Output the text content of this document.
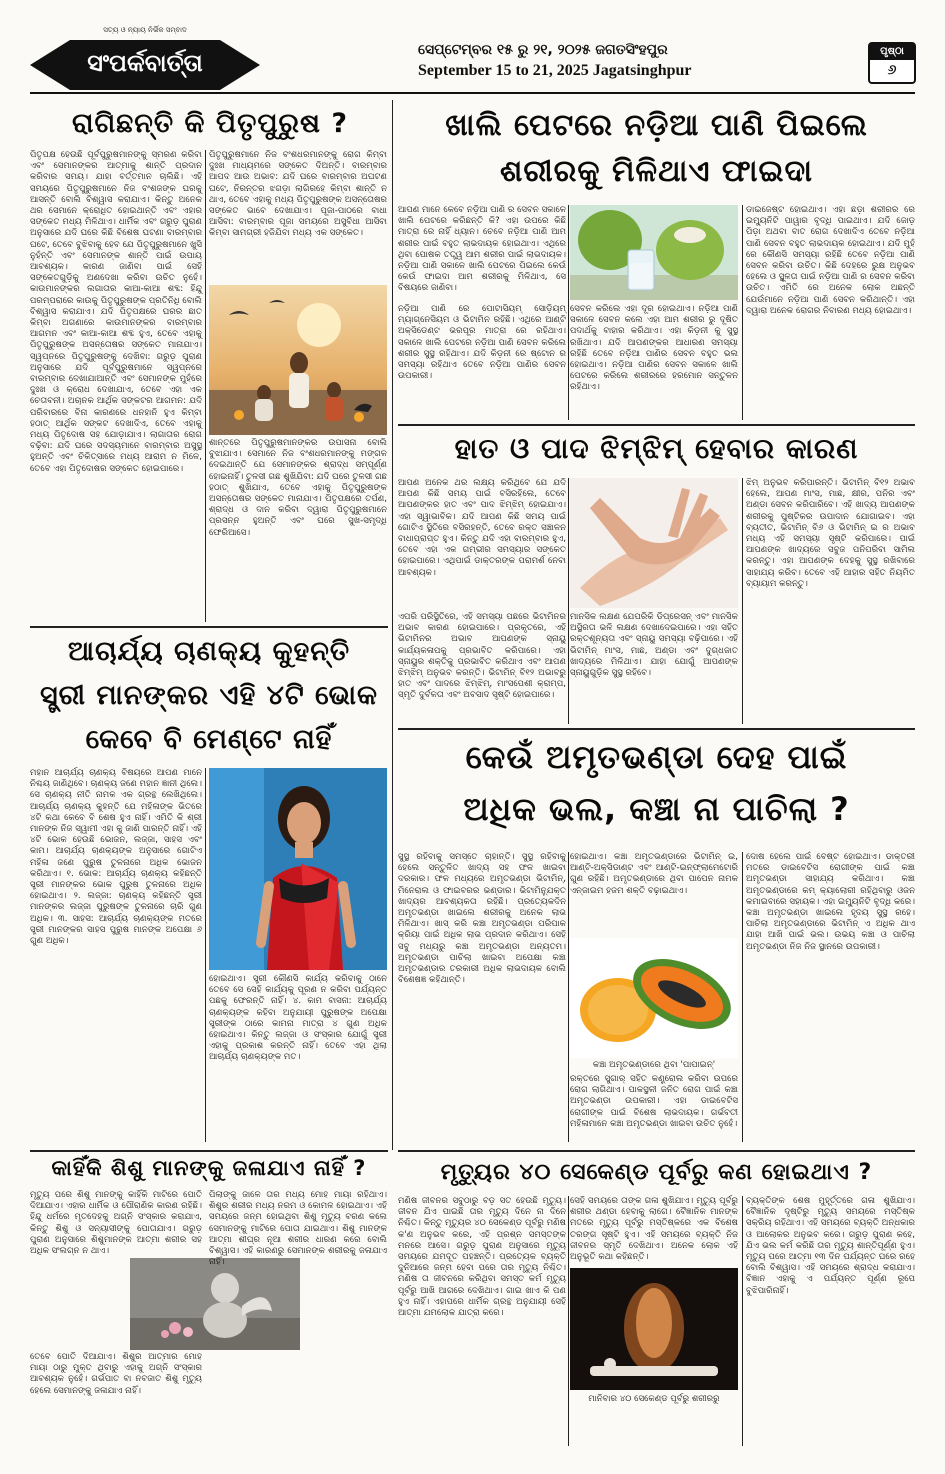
ସତ୍ୟ ଓ ନ୍ୟାୟ ନିର୍ଭିକ ସମ୍ବାଦ
ସଂପର୍କବାର୍ତ୍ତା	ସେପ୍ଟେମ୍ବର ୧୫ ରୁ ୨୧, ୨୦୨୫ ଜଗତସିଂହପୁର
September 15 to 21, 2025 Jagatsinghpur
ପୃଷ୍ଠା
୬
ରାଗିଛନ୍ତି କି ପିତୃପୁରୁଷ ?
ପିତୃପକ୍ଷ ହେଉଛି ପୂର୍ବପୁରୁଷମାନଙ୍କୁ ସ୍ମରଣ କରିବା ଏବଂ ସେମାନଙ୍କର ଆତ୍ମାକୁ ଶାନ୍ତି ପ୍ରଦାନ କରିବାର ସମୟ। ଯାହା ବର୍ତ୍ତମାନ ଚାଲିଛି। ଏହି ସମୟରେ ପିତୃପୁରୁଷମାନେ ନିଜ ବଂଶଜଙ୍କ ଘରକୁ ଆସନ୍ତି ବୋଲି ବିଶ୍ୱାସ କରାଯାଏ। କିନ୍ତୁ ଅନେକ ଥର ସେମାନେ କ୍ରୋଧିତ ହୋଇଥାନ୍ତି ଏବଂ ଏହାର ସଙ୍କେତ ମଧ୍ୟ ମିଳିଥାଏ। ଧାର୍ମିକ ଏବଂ ଗରୁଡ଼ ପୁରାଣ ଅନୁସାରେ ଯଦି ଘରେ କିଛି ବିଶେଷ ଘଟଣା ବାରମ୍ବାର ଘଟେ, ତେବେ ବୁଝିବାକୁ ହେବ ଯେ ପିତୃପୁରୁଷମାନେ ଖୁସି ନୁହଁନ୍ତି ଏବଂ ସେମାନଙ୍କ ଶାନ୍ତି ପାଇଁ ଉପାୟ ଆବଶ୍ୟକ। କାରଣ ଜାଣିବା ପାଇଁ ସେହି ସଙ୍କେତଗୁଡ଼ିକୁ ଅଣଦେଖା କରିବା ଉଚିତ ନୁହେଁ। କାଉମାନଙ୍କର ଲଗାତାର କାଆ-କାଆ ଶବ୍ଦ: ହିନ୍ଦୁ ପରମ୍ପରାରେ କାଉକୁ ପିତୃପୁରୁଷଙ୍କ ପ୍ରତିନିଧି ବୋଲି ବିଶ୍ୱାସ କରାଯାଏ। ଯଦି ପିତୃପକ୍ଷରେ ଘରର ଛାତ କିମ୍ବା ଅଗଣାରେ କାଉମାନଙ୍କର ବାରମ୍ବାର ଆଗମନ ଏବଂ କାଆ-କାଆ ଶବ୍ଦ ହୁଏ, ତେବେ ଏହାକୁ ପିତୃପୁରୁଷଙ୍କ ଅସନ୍ତୋଷର ସଙ୍କେତ ମାନାଯାଏ। ସ୍ୱପ୍ନରେ ପିତୃପୁରୁଷଙ୍କୁ ଦେଖିବା: ଗରୁଡ଼ ପୁରାଣ ଅନୁସାରେ ଯଦି ପୂର୍ବପୁରୁଷମାନେ ସ୍ୱପ୍ନରେ ବାରମ୍ବାର ଦେଖାଯାଆନ୍ତି ଏବଂ ସେମାନଙ୍କ ମୁହଁରେ ଦୁଃଖ ଓ କ୍ରୋଧ ଦେଖାଯାଏ, ତେବେ ଏହା ଏକ ଚେତାବନୀ। ଅଚାନକ ଆର୍ଥିକ ସଙ୍କଟର ଆଗମନ: ଯଦି ପରିବାରରେ ବିନା କାରଣରେ ଧନହାନି ହୁଏ କିମ୍ବା ହଠାତ୍ ଆର୍ଥିକ ସଙ୍କଟ ଦେଖାଦିଏ, ତେବେ ଏହାକୁ ମଧ୍ୟ ପିତୃଦୋଷ ସହ ଯୋଡ଼ାଯାଏ। ଲାଗାତାର ରୋଗ ବଢ଼ିବା: ଯଦି ଘରେ ସଦସ୍ୟମାନେ ବାରମ୍ବାର ଅସୁସ୍ଥ ହୁଅନ୍ତି ଏବଂ ଚିକିତ୍ସାରେ ମଧ୍ୟ ଆରାମ ନ ମିଳେ, ତେବେ ଏହା ପିତୃଦୋଷର ସଙ୍କେତ ହୋଇପାରେ।
ପିତୃପୁରୁଷମାନେ ନିଜ ବଂଶଧରମାନଙ୍କୁ ରୋଗ କିମ୍ବା ଦୁଃଖ ମାଧ୍ୟମରେ ସଙ୍କେତ ଦିଅନ୍ତି। ବାରମ୍ବାର ଆପଦ ଆଉ ଅଭାବ: ଯଦି ଘରେ ବାରମ୍ବାର ଅଘଟଣ ଘଟେ, ନିରନ୍ତର ଝଗଡ଼ା ଲାଗିରହେ କିମ୍ବା ଶାନ୍ତି ନ ଥାଏ, ତେବେ ଏହାକୁ ମଧ୍ୟ ପିତୃପୁରୁଷଙ୍କ ଅସନ୍ତୋଷର ସଙ୍କେତ ଭାବେ ଦେଖାଯାଏ। ପୂଜା-ପାଠରେ ବାଧା ଆସିବା: ବାରମ୍ବାର ପୂଜା ସମୟରେ ଅସୁବିଧା ଆସିବା କିମ୍ବା ସାମଗ୍ରୀ ହଜିଯିବା ମଧ୍ୟ ଏକ ସଙ୍କେତ।
ଶାନ୍ତରେ ପିତୃପୁରୁଷମାନଙ୍କର ଉପାସନା ବୋଲି ବୁଝାଯାଏ। ସେମାନେ ନିଜ ବଂଶଧରମାନଙ୍କୁ ମଙ୍ଗଳ ଦେଇଥାନ୍ତି ଯେ ସେମାନଙ୍କର ଶ୍ରାଦ୍ଧ ସମ୍ପୂର୍ଣ୍ଣ ହୋଇନାହିଁ। ତୁଳସୀ ଗଛ ଶୁଖିଯିବା: ଯଦି ଘରେ ତୁଳସୀ ଗଛ ହଠାତ୍ ଶୁଖିଯାଏ, ତେବେ ଏହାକୁ ପିତୃପୁରୁଷଙ୍କ ଅସନ୍ତୋଷର ସଙ୍କେତ ମାନାଯାଏ। ପିତୃପକ୍ଷରେ ତର୍ପଣ, ଶ୍ରାଦ୍ଧ ଓ ଦାନ କରିବା ଦ୍ୱାରା ପିତୃପୁରୁଷମାନେ ପ୍ରସନ୍ନ ହୁଅନ୍ତି ଏବଂ ଘରେ ସୁଖ-ସମୃଦ୍ଧି ଫେରିଆସେ।
ଆଚାର୍ଯ୍ୟ ଚାଣକ୍ୟ କୁହନ୍ତି
ସ୍ତ୍ରୀ ମାନଙ୍କର ଏହି ୪ଟି ଭୋକ
କେବେ ବି ମେଣ୍ଟେ ନାହିଁ
ମହାନ ଆଚାର୍ଯ୍ୟ ଚାଣକ୍ୟ ବିଷୟରେ ଆପଣ ମାନେ ନିଶ୍ଚୟ ଜାଣିଥିବେ। ଚାଣକ୍ୟ ଜଣେ ମହାନ ଜ୍ଞାନୀ ଥିଲେ। ସେ ଚାଣକ୍ୟ ନୀତି ନାମକ ଏକ ଗ୍ରନ୍ଥ ଲେଖିଥିଲେ। ଆଚାର୍ଯ୍ୟ ଚାଣକ୍ୟ କୁହନ୍ତି ଯେ ମହିଳାଙ୍କ ଭିତରେ ୪ଟି କଥା କେବେ ବି ଶେଷ ହୁଏ ନାହିଁ। ଏମିତି କି ଶ୍ରୀ ମାନଙ୍କ ନିଜ ସ୍ୱାମୀ ଏହା କୁ ଜାଣି ପାରନ୍ତି ନାହିଁ। ଏହି ୪ଟି ଭୋକ ହେଉଛି ଭୋଜନ, ଲଜ୍ଜା, ସାହସ ଏବଂ କାମ। ଆଚାର୍ଯ୍ୟ ଚାଣକ୍ୟଙ୍କ ଅନୁସାରେ ଗୋଟିଏ ମହିଳା ଜଣେ ପୁରୁଷ ତୁଳନାରେ ଅଧିକ ଭୋଜନ କରିଥାଏ। ୧. ଭୋକ: ଆଚାର୍ଯ୍ୟ ଚାଣକ୍ୟ କହିଛନ୍ତି ସ୍ତ୍ରୀ ମାନଙ୍କର ଭୋକ ପୁରୁଷ ତୁଳନାରେ ଅଧିକ ହୋଇଥାଏ। ୨. ଲଜ୍ଜା: ଚାଣକ୍ୟ କହିଛନ୍ତି ସ୍ତ୍ରୀ ମାନଙ୍କର ଲଜ୍ଜା ପୁରୁଷଙ୍କ ତୁଳନାରେ ଚାରି ଗୁଣ ଅଧିକ। ୩. ସାହସ: ଆଚାର୍ଯ୍ୟ ଚାଣକ୍ୟଙ୍କ ମତରେ ସ୍ତ୍ରୀ ମାନଙ୍କର ସାହସ ପୁରୁଷ ମାନଙ୍କ ଅପେକ୍ଷା ୬ ଗୁଣ ଅଧିକ।
ହୋଇଥାଏ। ସ୍ତ୍ରୀ କୌଣସି କାର୍ଯ୍ୟ କରିବାକୁ ଠାନେ ତେବେ ସେ ସେହି କାର୍ଯ୍ୟକୁ ପୂରଣ ନ କରିବା ପର୍ଯ୍ୟନ୍ତ ପଛକୁ ଫେରନ୍ତି ନାହିଁ। ୪. କାମ ବାସନା: ଆଚାର୍ଯ୍ୟ ଚାଣକ୍ୟଙ୍କ କହିବା ଅନୁଯାୟୀ ପୁରୁଷଙ୍କ ଅପେକ୍ଷା ସ୍ତ୍ରୀଙ୍କ ଠାରେ କାମନା ମାତ୍ରା ୪ ଗୁଣ ଅଧିକ ହୋଇଥାଏ। କିନ୍ତୁ ଲଜ୍ଜା ଓ ସଂସ୍କାର ଯୋଗୁଁ ସ୍ତ୍ରୀ ଏହାକୁ ପ୍ରକାଶ କରନ୍ତି ନାହିଁ। ତେବେ ଏହା ଥିଲା ଆଚାର୍ଯ୍ୟ ଚାଣକ୍ୟଙ୍କ ମତ।
କାହିଁକି ଶିଶୁ ମାନଙ୍କୁ ଜଳାଯାଏ ନାହିଁ ?
ମୃତ୍ୟୁ ପରେ ଶିଶୁ ମାନଙ୍କୁ କାହିଁକି ମାଟିରେ ପୋତି ଦିଆଯାଏ। ଏହାର ଧାର୍ମିକ ଓ ପୌରାଣିକ କାରଣ ରହିଛି। ହିନ୍ଦୁ ଧର୍ମରେ ମୃତଦେହକୁ ଅଗ୍ନି ସଂସ୍କାର କରାଯାଏ, କିନ୍ତୁ ଶିଶୁ ଓ ସନ୍ୟାସୀଙ୍କୁ ପୋତାଯାଏ। ଗରୁଡ଼ ପୁରାଣ ଅନୁସାରେ ଶିଶୁମାନଙ୍କ ଆତ୍ମା ଶରୀର ସହ ଅଧିକ ସଂଲଗ୍ନ ନ ଥାଏ।
ତେବେ ପୋତି ଦିଆଯାଏ। ଶିଶୁର ଆତ୍ମାର ମୋହ ମାୟା ଠାରୁ ମୁକ୍ତ ଥିବାରୁ ଏହାକୁ ଅଗ୍ନି ସଂସ୍କାର ଆବଶ୍ୟକ ନୁହେଁ। ଗର୍ଭପାତ ବା ନବଜାତ ଶିଶୁ ମୃତ୍ୟୁ ହେଲେ ସେମାନଙ୍କୁ ଜଳାଯାଏ ନାହିଁ।
ପିଲାଙ୍କୁ ଜାଳେ ତାର ମଧ୍ୟ ମୋହ ମାୟା ରହିଥାଏ। ଶିଶୁର ଶରୀର ମଧ୍ୟ ନରମ ଓ କୋମଳ ହୋଇଥାଏ। ଏହି ସମୟରେ ଜନ୍ମ ହୋଇଥିବା ଶିଶୁ ମୃତ୍ୟୁ ବରଣ କଲେ ସେମାନଙ୍କୁ ମାଟିରେ ପୋତା ଯାଇଥାଏ। ଶିଶୁ ମାନଙ୍କ ଆତ୍ମା ଶୀଘ୍ର ନୂଆ ଶରୀର ଧାରଣ କରେ ବୋଲି ବିଶ୍ୱାସ। ଏହି କାରଣରୁ ସେମାନଙ୍କ ଶରୀରକୁ ଜଳାଯାଏ ନାହିଁ।
ଖାଲି ପେଟରେ ନଡ଼ିଆ ପାଣି ପିଇଲେ
ଶରୀରକୁ ମିଳିଥାଏ ଫାଇଦା
ଆପଣ ମାନେ କେବେ ନଡ଼ିଆ ପାଣି ର ସେବନ ସକାଳେ ଖାଲି ପେଟରେ କରିଛନ୍ତି କି? ଏହା ଉପରେ କିଛି ମାତ୍ରା ରେ ନାହିଁ ଧ୍ୟାନ। ଚେବେ ନଡ଼ିଆ ପାଣି ଆମ ଶରୀର ପାଇଁ ବହୁତ ଲାଭଦାୟକ ହୋଇଥାଏ। ଏଥିରେ ଥିବା ପୋଷକ ତତ୍ତ୍ୱ ଆମ ଶରୀର ପାଇଁ ଲାଭଦାୟକ। ନଡ଼ିଆ ପାଣି ସକାଳେ ଖାଲି ପେଟରେ ପିଇଲେ କେଉଁ କେଉଁ ଫାଇଦା ଆମ ଶରୀରକୁ ମିଳିଥାଏ, ସେ ବିଷୟରେ ଜାଣିବା।
ନଡ଼ିଆ ପାଣି ରେ ପୋଟାସିୟମ୍ ସୋଡ଼ିୟମ୍ ମ୍ୟାଗ୍ନେସିୟମ ଓ ଭିଟାମିନ ରହିଛି। ଏଥିରେ ଆଣ୍ଟି ଅକ୍ସିଡେଣ୍ଟ ଭରପୂର ମାତ୍ରା ରେ ରହିଥାଏ। ସକାଳେ ଖାଲି ପେଟରେ ନଡ଼ିଆ ପାଣି ସେବନ କରିଲେ ଶରୀର ସୁସ୍ଥ ରହିଥାଏ। ଯଦି କିଡ଼ନୀ ରେ ଷ୍ଟୋନ ର ସମସ୍ୟା ରହିଥାଏ ତେବେ ନଡ଼ିଆ ପାଣିର ସେବନ ଉପକାରୀ।
ସେବନ କରିଲେ ଏହା ଦୂର ହୋଇଥାଏ। ନଡ଼ିଆ ପାଣି ସକାଳେ ସେବନ କଲେ ଏହା ଆମ ଶରୀର ରୁ ଦୂଷିତ ପଦାର୍ଥକୁ ବାହାର କରିଥାଏ। ଏହା କିଡ଼ନୀ କୁ ସୁସ୍ଥ ରଖିଥାଏ। ଯଦି ଆପଣଙ୍କର ଆଧାରଣ ସମସ୍ୟା ରହିଛି ତେବେ ନଡ଼ିଆ ପାଣିର ସେବନ ବହୁତ ଭଲ ହୋଇଥାଏ। ନଡ଼ିଆ ପାଣିର ସେବନ ସକାଳେ ଖାଲି ପେଟରେ କରିଲେ ଶରୀରରେ ହରମୋନ ସନ୍ତୁଳନ ରହିଥାଏ।
ଡାଇଜେଷ୍ଟ ହୋଇଥାଏ। ଏହା ଛଡ଼ା ଶରୀରର ରେ ଇମ୍ୟୁନିଟି ପାୱାର ବୃଦ୍ଧି ପାଇଥାଏ। ଯଦି ଜୋଡ଼ ପିଡ଼ା ଅଥବା ବାତ ରୋଗ ଦେଖାଦିଏ ତେବେ ନଡ଼ିଆ ପାଣି ସେବନ ବହୁତ ଲାଭଦାୟକ ହୋଇଥାଏ। ଯଦି ମୁହଁ ରେ କୌଣସି ସମସ୍ୟା ରହିଛି ତେବେ ନଡ଼ିଆ ପାଣି ସେବନ କରିବା ଉଚିତ। କିଛି ଦେହରେ ରୁକ୍ଷ ଅନୁଭବ ହେଲେ ଓ ସ୍ଥୂଳତା ପାଇଁ ନଡ଼ିଆ ପାଣି ର ସେବନ କରିବା ଉଚିତ। ଏମିତି ରେ ଅନେକ ଲୋକ ଅଛନ୍ତି ଯେଉଁମାନେ ନଡ଼ିଆ ପାଣି ସେବନ କରିଥାନ୍ତି। ଏହା ଦ୍ୱାରା ଅନେକ ରୋଗର ନିବାରଣ ମଧ୍ୟ ହୋଇଥାଏ।
ହାତ ଓ ପାଦ ଝିମ୍‌ଝିମ୍ ହେବାର କାରଣ
ଆପଣ ଅନେକ ଥର ଲକ୍ଷ୍ୟ କରିଥିବେ ଯେ ଯଦି ଆପଣ କିଛି ସମୟ ପାଇଁ ବସିରହିଲେ, ତେବେ ଆପଣଙ୍କର ହାତ ଏବଂ ପାଦ ଝିମ୍‌ଝିମ୍ ହୋଇଯାଏ। ଏହା ସ୍ୱାଭାବିକ। ଯଦି ଆପଣ କିଛି ସମୟ ପାଇଁ ଗୋଟିଏ ସ୍ଥିତିରେ ବସିରହନ୍ତି, ତେବେ ରକ୍ତ ସଞ୍ଚାଳନ ବାଧାପ୍ରାପ୍ତ ହୁଏ। କିନ୍ତୁ ଯଦି ଏହା ବାରମ୍ବାର ହୁଏ, ତେବେ ଏହା ଏକ ଗମ୍ଭୀର ସମସ୍ୟାର ସଙ୍କେତ ହୋଇପାରେ। ଏଥିପାଇଁ ଡାକ୍ତରଙ୍କ ପରାମର୍ଶ ନେବା ଆବଶ୍ୟକ।
ଏପରି ପରିସ୍ଥିତିରେ, ଏହି ସମସ୍ୟା ପଛରେ ଭିଟାମିନର ଅଭାବ କାରଣ ହୋଇପାରେ। ପ୍ରକୃତରେ, ଏହି ଭିଟାମିନର ଅଭାବ ଆପଣଙ୍କ ସ୍ନାୟୁ କାର୍ଯ୍ୟକଳାପକୁ ପ୍ରଭାବିତ କରିପାରେ। ଏହା ସ୍ନାୟୁର ଶକ୍ତିକୁ ପ୍ରଭାବିତ କରିଥାଏ ଏବଂ ଆପଣ ଝିମ୍‌ଝିମ୍ ଅନୁଭବ କରନ୍ତି। ଭିଟାମିନ୍ ବି୧୨ ଅଭାବରୁ ହାତ ଏବଂ ପାଦରେ ଝିମ୍‌ଝିମ୍, ମାଂସପେଶୀ କ୍ରାମ୍ପ, ସ୍ମୃତି ଦୁର୍ବଳତା ଏବଂ ଅବସାଦ ସୃଷ୍ଟି ହୋଇପାରେ।
ମାନସିକ ଲକ୍ଷଣ ଯେପରିକି ଡିପ୍ରେସନ୍ ଏବଂ ମାନସିକ ଅସ୍ଥିରତା ଭଳି ଲକ୍ଷଣ ଦେଖାଦେଇପାରେ। ଏହା ସହିତ ରକ୍ତଶୂନ୍ୟତା ଏବଂ ସ୍ନାୟୁ ସମସ୍ୟା ବଢ଼ିପାରେ। ଏହି ଭିଟାମିନ୍ ମାଂସ, ମାଛ, ଅଣ୍ଡା ଏବଂ ଦୁଗ୍ଧଜାତ ଖାଦ୍ୟରେ ମିଳିଥାଏ। ଯାହା ଯୋଗୁଁ ଆପଣଙ୍କ ସ୍ନାୟୁଗୁଡ଼ିକ ସୁସ୍ଥ ରହିବେ।
ଝିମ୍ ଅନୁଭବ କରିପାରନ୍ତି। ଭିଟାମିନ୍ ବି୧୨ ଅଭାବ ହେଲେ, ଆପଣ ମାଂସ, ମାଛ, କ୍ଷୀର, ପନିର ଏବଂ ଅଣ୍ଡା ସେବନ କରିପାରିବେ। ଏହି ଖାଦ୍ୟ ଆପଣଙ୍କ ଶରୀରକୁ ପୁଷ୍ଟିକର ଉପାଦାନ ଯୋଗାଇବ। ଏହା ବ୍ୟତୀତ, ଭିଟାମିନ୍ ବି୬ ଓ ଭିଟାମିନ୍ ଇ ର ଅଭାବ ମଧ୍ୟ ଏହି ସମସ୍ୟା ସୃଷ୍ଟି କରିପାରେ। ପାଇଁ ଆପଣଙ୍କ ଖାଦ୍ୟରେ ସବୁଜ ପନିପରିବା ସାମିଲ କରନ୍ତୁ। ଏହା ଆପଣଙ୍କ ଦେହକୁ ସୁସ୍ଥ ରଖିବାରେ ସାହାଯ୍ୟ କରିବ। ତେବେ ଏହି ଆହାର ସହିତ ନିୟମିତ ବ୍ୟାୟାମ କରନ୍ତୁ।
କେଉଁ ଅମୃତଭଣ୍ଡା ଦେହ ପାଇଁ
ଅଧିକ ଭଲ, କଞ୍ଚା ନା ପାଚିଲା ?
ସୁସ୍ଥ ରହିବାକୁ ସମସ୍ତେ ଚାହାନ୍ତି। ସୁସ୍ଥ ରହିବାକୁ ହେଲେ ସନ୍ତୁଳିତ ଖାଦ୍ୟ ସହ ଫଳ ଖାଇବା ଦରକାର। ଫଳ ମଧ୍ୟରେ ଅମୃତଭଣ୍ଡା ଭିଟାମିନ୍, ମିନେରାଲ ଓ ଫାଇବରର ଭଣ୍ଡାର। ଭିଟାମିନ୍ଯୁକ୍ତ ଖାଦ୍ୟର ଆବଶ୍ୟକତା ରହିଛି। ପ୍ରତ୍ୟେକଦିନ ଅମୃତଭଣ୍ଡା ଖାଇଲେ ଶରୀରକୁ ଅନେକ ଲାଭ ମିଳିଥାଏ। ଖାସ୍ କରି କଞ୍ଚା ଅମୃତଭଣ୍ଡା ପରିପାକ କ୍ରିୟା ପାଇଁ ଅଧିକ ଲାଭ ପ୍ରଦାନ କରିଥାଏ। ସେହି ସବୁ ମଧ୍ୟରୁ କଞ୍ଚା ଅମୃତଭଣ୍ଡା ଅନ୍ୟତମ। ଅମୃତଭଣ୍ଡା ପାଚିଲା ଖାଇବା ଅପେକ୍ଷା କଞ୍ଚା ଅମୃତଭଣ୍ଡାର ତରକାରୀ ଅଧିକ ଲାଭଦାୟକ ବୋଲି ବିଶେଷଜ୍ଞ କହିଥାନ୍ତି।
ହୋଇଥାଏ। କଞ୍ଚା ଅମୃତଭଣ୍ଡାରେ ଭିଟାମିନ୍ ଇ, ଆଣ୍ଟି-ଅକ୍ସିଡାଣ୍ଟ ଏବଂ ଆଣ୍ଟି-ଇନ୍‌ଫ୍ଲାମେଟୋରି ଗୁଣ ରହିଛି। ଅମୃତଭଣ୍ଡାରେ ଥିବା ପାପେନ ନାମକ ଏନ୍‌ଜାଇମ ହଜମ ଶକ୍ତି ବଢ଼ାଇଥାଏ।
କଞ୍ଚା ଅମୃତଭଣ୍ଡାରେ ଥିବା 'ପାପାଇନ୍'
ରକ୍ତରେ ସୁଗାର୍ ସହିତ କଣ୍ଟ୍ରୋଲ କରିବା ଉପରେ ରୋଗ ଲାଗିଥାଏ। ପାକସ୍ଥଳୀ ଜନିତ ରୋଗ ପାଇଁ କଞ୍ଚା ଅମୃତଭଣ୍ଡା ଉପକାରୀ। ଏହା ଡାଇବେଟିସ ରୋଗୀଙ୍କ ପାଇଁ ବିଶେଷ ଲାଭଦାୟକ। ଗର୍ଭବତୀ ମହିଳାମାନେ କଞ୍ଚା ଅମୃତଭଣ୍ଡା ଖାଇବା ଉଚିତ ନୁହେଁ।
ଦୋଷ ହେଲେ ପାଇଁ ବେଷ୍ଟ ହୋଇଥାଏ। ଡାକ୍ତରୀ ମତରେ ଡାଇବେଟିସ ରୋଗୀଙ୍କ ପାଇଁ କଞ୍ଚା ଅମୃତଭଣ୍ଡା ସାହାଯ୍ୟ କରିଥାଏ। କଞ୍ଚା ଅମୃତଭଣ୍ଡାରେ କମ୍ କ୍ୟାଲୋରୀ ରହିଥିବାରୁ ଓଜନ କମାଇବାରେ ସହାୟକ। ଏହା ଇମ୍ୟୁନିଟି ବୃଦ୍ଧି କରେ। କଞ୍ଚା ଅମୃତଭଣ୍ଡା ଖାଇଲେ ହୃଦୟ ସୁସ୍ଥ ରହେ। ପାଚିଲା ଅମୃତଭଣ୍ଡାରେ ଭିଟାମିନ୍ ଏ ଅଧିକ ଥାଏ ଯାହା ଆଖି ପାଇଁ ଭଲ। ଉଭୟ କଞ୍ଚା ଓ ପାଚିଲା ଅମୃତଭଣ୍ଡା ନିଜ ନିଜ ସ୍ଥାନରେ ଉପକାରୀ।
ମୃତ୍ୟୁର ୪୦ ସେକେଣ୍ଡ ପୂର୍ବରୁ କଣ ହୋଇଥାଏ ?
ମଣିଷ ଜୀବନର ସବୁଠାରୁ ବଡ଼ ସତ ହେଉଛି ମୃତ୍ୟୁ। ଜୀବନ ଯିଏ ପାଇଛି ତାର ମୃତ୍ୟୁ ଦିନେ ନା ଦିନେ ନିଶ୍ଚିତ। କିନ୍ତୁ ମୃତ୍ୟୁର ୪୦ ସେକେଣ୍ଡ ପୂର୍ବରୁ ମଣିଷ କ'ଣ ଅନୁଭବ କରେ, ଏହି ପ୍ରଶ୍ନ ସମସ୍ତଙ୍କ ମନରେ ଆସେ। ଗରୁଡ଼ ପୁରାଣ ଅନୁସାରେ ମୃତ୍ୟୁ ସମୟରେ ଯମଦୂତ ପହଞ୍ଚନ୍ତି। ପ୍ରତ୍ୟେକ ବ୍ୟକ୍ତି ଦୁନିଆରେ ଜନ୍ମ ହେବା ପରେ ତାର ମୃତ୍ୟୁ ନିଶ୍ଚିତ। ମଣିଷ ତା ଜୀବନରେ କରିଥିବା ସମସ୍ତ କର୍ମ ମୃତ୍ୟୁ ପୂର୍ବରୁ ଆଖି ଆଗରେ ଦେଖିଥାଏ। ଗାଇ ଖାଏ କି ପଣ ହୁଏ ନାହିଁ। ଏହାପରେ ଧାର୍ମିକ ଗ୍ରନ୍ଥ ଅନୁଯାୟୀ ସେହି ଆତ୍ମା ଯମଲୋକ ଯାତ୍ରା କରେ।
ସେହି ସମୟରେ ତାଙ୍କ ଗଳା ଶୁଖିଯାଏ। ମୃତ୍ୟୁ ପୂର୍ବରୁ ଶରୀର ଥଣ୍ଡା ହେବାକୁ ଲାଗେ। ବୈଜ୍ଞାନିକ ମାନଙ୍କ ମତରେ ମୃତ୍ୟୁ ପୂର୍ବରୁ ମସ୍ତିଷ୍କରେ ଏକ ବିଶେଷ ତରଙ୍ଗ ସୃଷ୍ଟି ହୁଏ। ଏହି ସମୟରେ ବ୍ୟକ୍ତି ନିଜ ଜୀବନର ସ୍ମୃତି ଦେଖିଥାଏ। ଅନେକ ଲୋକ ଏହି ଅନୁଭୂତି କଥା କହିଛନ୍ତି।
ମାନିବାର ୪୦ ସେକେଣ୍ଡ ପୂର୍ବରୁ ଶରୀରରୁ
ବ୍ୟକ୍ତିଙ୍କ ଶେଷ ମୁହୂର୍ତ୍ତରେ ଗଳା ଶୁଖିଯାଏ। ବୈଜ୍ଞାନିକ ଦୃଷ୍ଟିରୁ ମୃତ୍ୟୁ ସମୟରେ ମସ୍ତିଷ୍କ ସକ୍ରିୟ ରହିଥାଏ। ଏହି ସମୟରେ ବ୍ୟକ୍ତି ଅନ୍ଧକାର ଓ ଆଲୋକର ଅନୁଭବ କରେ। ଗରୁଡ଼ ପୁରାଣ କହେ, ଯିଏ ଭଲ କର୍ମ କରିଛି ତାର ମୃତ୍ୟୁ ଶାନ୍ତିପୂର୍ଣ୍ଣ ହୁଏ। ମୃତ୍ୟୁ ପରେ ଆତ୍ମା ୧୩ ଦିନ ପର୍ଯ୍ୟନ୍ତ ଘରେ ରହେ ବୋଲି ବିଶ୍ୱାସ। ଏହି ସମୟରେ ଶ୍ରାଦ୍ଧ କରାଯାଏ। ବିଜ୍ଞାନ ଏହାକୁ ଏ ପର୍ଯ୍ୟନ୍ତ ପୂର୍ଣ୍ଣ ରୂପେ ବୁଝିପାରିନାହିଁ।
